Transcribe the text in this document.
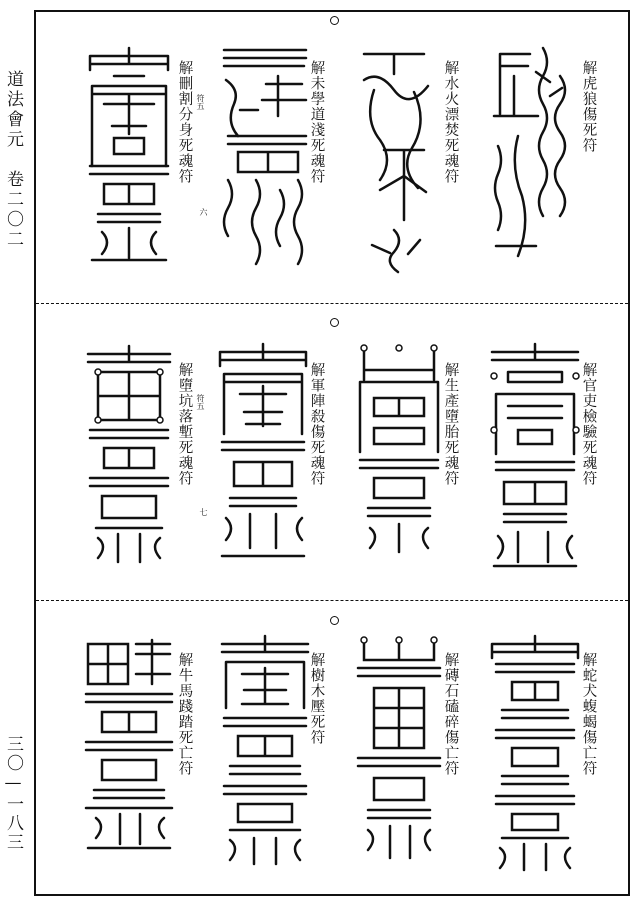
道法會元　卷二〇二
三〇—一八三
解虎狼傷死符
解水火漂焚死魂符
解未學道淺死魂符
解刪割分身死魂符 符五
六
解官吏檢驗死魂符
解生產墮胎死魂符
解軍陣殺傷死魂符
解墮坑落塹死魂符 符五
七
解蛇犬蝮蝎傷亡符
解磚石磕碎傷亡符
解樹木壓死符
解牛馬踐踏死亡符
